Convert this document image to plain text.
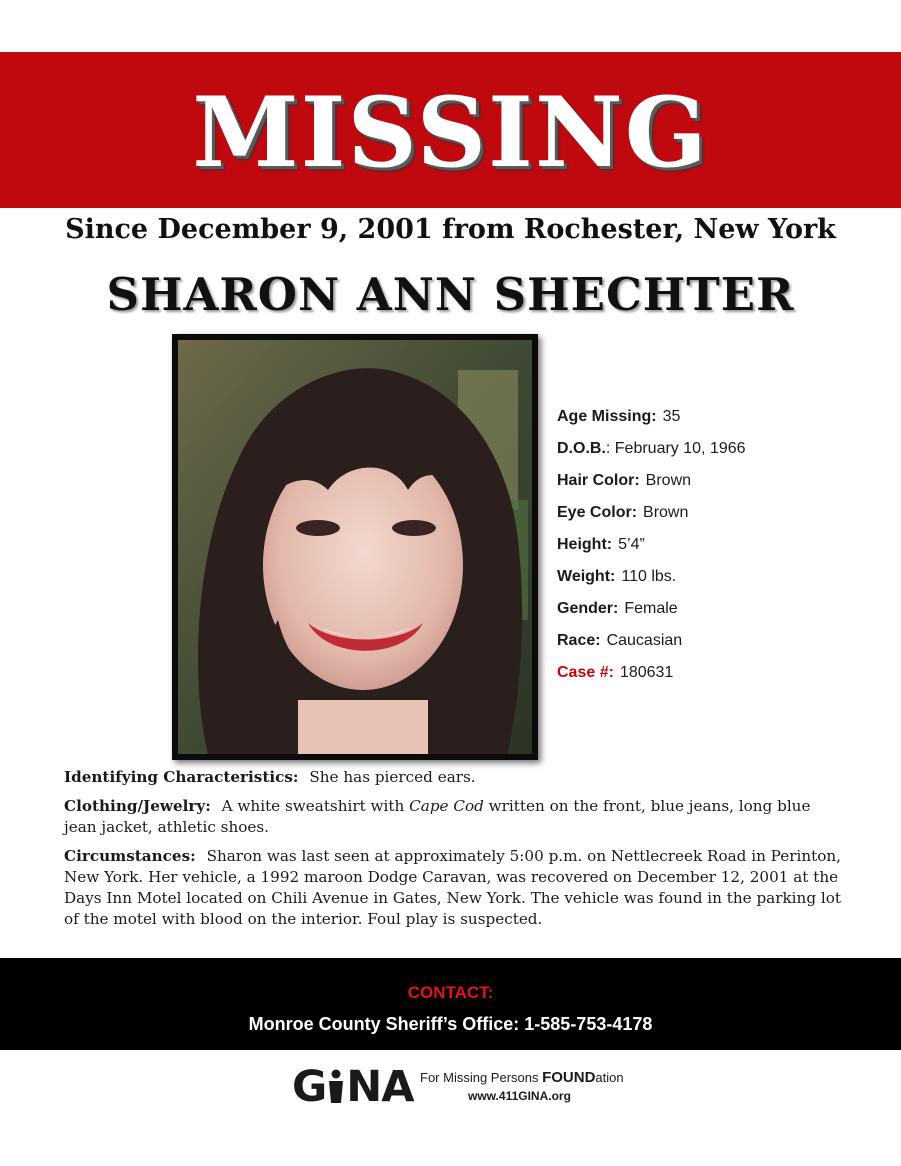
MISSING
Since December 9, 2001 from Rochester, New York
SHARON ANN SHECHTER
Age Missing: 35
D.O.B.: February 10, 1966
Hair Color: Brown
Eye Color: Brown
Height: 5’4”
Weight: 110 lbs.
Gender: Female
Race: Caucasian
Case #: 180631

Identifying Characteristics: She has pierced ears.

Clothing/Jewelry: A white sweatshirt with Cape Cod written on the front, blue jeans, long blue jean jacket, athletic shoes.

Circumstances: Sharon was last seen at approximately 5:00 p.m. on Nettlecreek Road in Perinton, New York. Her vehicle, a 1992 maroon Dodge Caravan, was recovered on December 12, 2001 at the Days Inn Motel located on Chili Avenue in Gates, New York. The vehicle was found in the parking lot of the motel with blood on the interior. Foul play is suspected.

CONTACT:
Monroe County Sheriff’s Office: 1-585-753-4178
G NA For Missing Persons FOUNDation
www.411GINA.org
